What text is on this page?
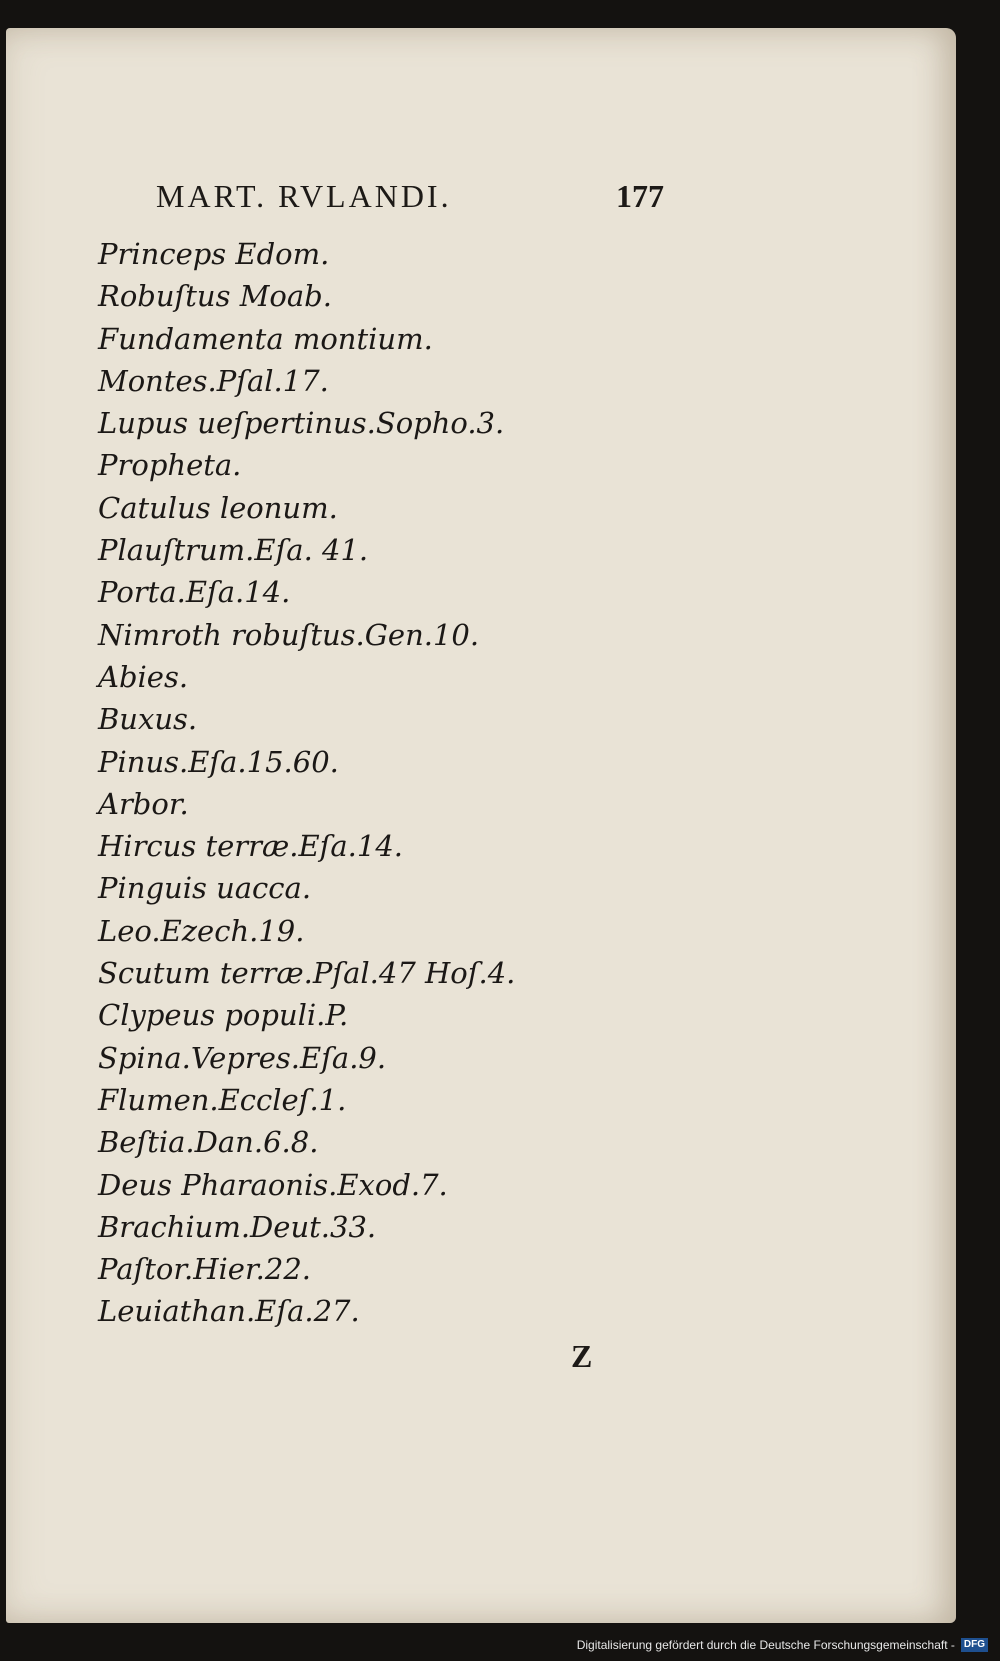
MART. RVLANDI.	177
Princeps Edom.
Robuſtus Moab.
Fundamenta montium.
Montes.Pſal.17.
Lupus ueſpertinus.Sopho.3.
Propheta.
Catulus leonum.
Plauſtrum.Eſa. 41.
Porta.Eſa.14.
Nimroth robuſtus.Gen.10.
Abies.
Buxus.
Pinus.Eſa.15.60.
Arbor.
Hircus terræ.Eſa.14.
Pinguis uacca.
Leo.Ezech.19.
Scutum terræ.Pſal.47 Hoſ.4.
Clypeus populi.P.
Spina.Vepres.Eſa.9.
Flumen.Eccleſ.1.
Beſtia.Dan.6.8.
Deus Pharaonis.Exod.7.
Brachium.Deut.33.
Paſtor.Hier.22.
Leuiathan.Eſa.27.
Z
Digitalisierung gefördert durch die Deutsche Forschungsgemeinschaft - DFG
